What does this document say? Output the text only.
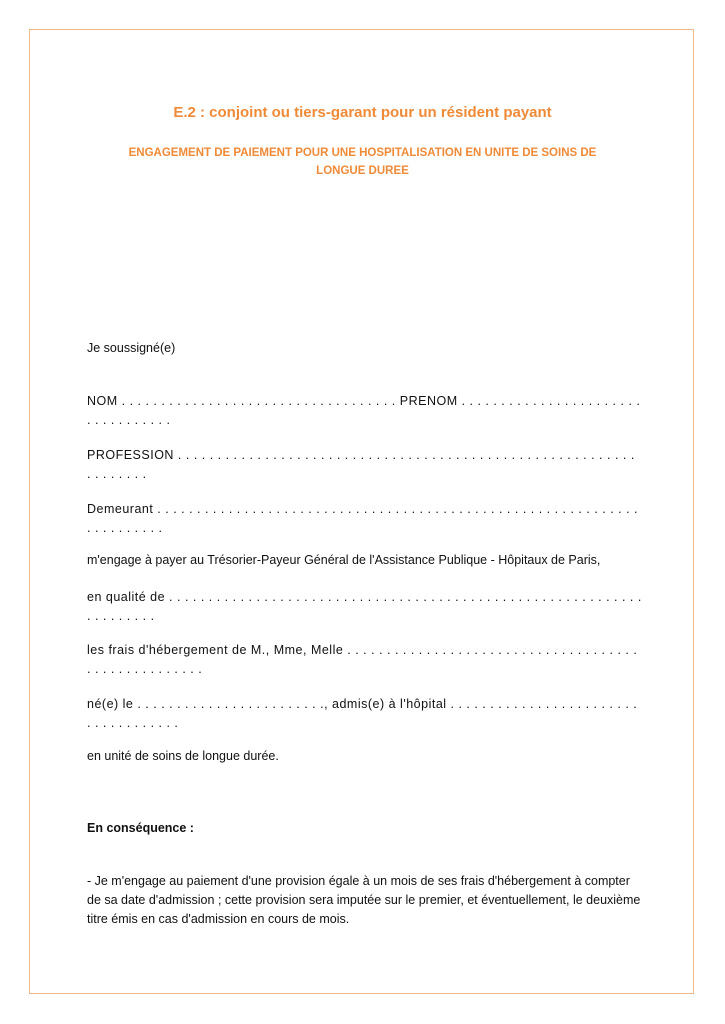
E.2 : conjoint ou tiers-garant pour un résident payant
ENGAGEMENT DE PAIEMENT POUR UNE HOSPITALISATION EN UNITE DE SOINS DE LONGUE DUREE
Je soussigné(e)
NOM . . . . . . . . . . . . . . . . . . . . . . . . . . . . . . . . . . . PRENOM . . . . . . . . . . . . . . . . . . . . . . . . . . . . . . . . . .
PROFESSION . . . . . . . . . . . . . . . . . . . . . . . . . . . . . . . . . . . . . . . . . . . . . . . . . . . . . . . . . . . . . . . . . .
Demeurant . . . . . . . . . . . . . . . . . . . . . . . . . . . . . . . . . . . . . . . . . . . . . . . . . . . . . . . . . . . . . . . . . . . . . . .
m'engage à payer au Trésorier-Payeur Général de l'Assistance Publique - Hôpitaux de Paris,
en qualité de . . . . . . . . . . . . . . . . . . . . . . . . . . . . . . . . . . . . . . . . . . . . . . . . . . . . . . . . . . . . . . . . . . . . .
les frais d'hébergement de M., Mme, Melle . . . . . . . . . . . . . . . . . . . . . . . . . . . . . . . . . . . . . . . . . . . . . . . . . . . .
né(e) le . . . . . . . . . . . . . . . . . . . . . . . ., admis(e) à l'hôpital . . . . . . . . . . . . . . . . . . . . . . . . . . . . . . . . . . . .
en unité de soins de longue durée.
En conséquence :
- Je m'engage au paiement d'une provision égale à un mois de ses frais d'hébergement à compter de sa date d'admission ; cette provision sera imputée sur le premier, et éventuellement, le deuxième titre émis en cas d'admission en cours de mois.
